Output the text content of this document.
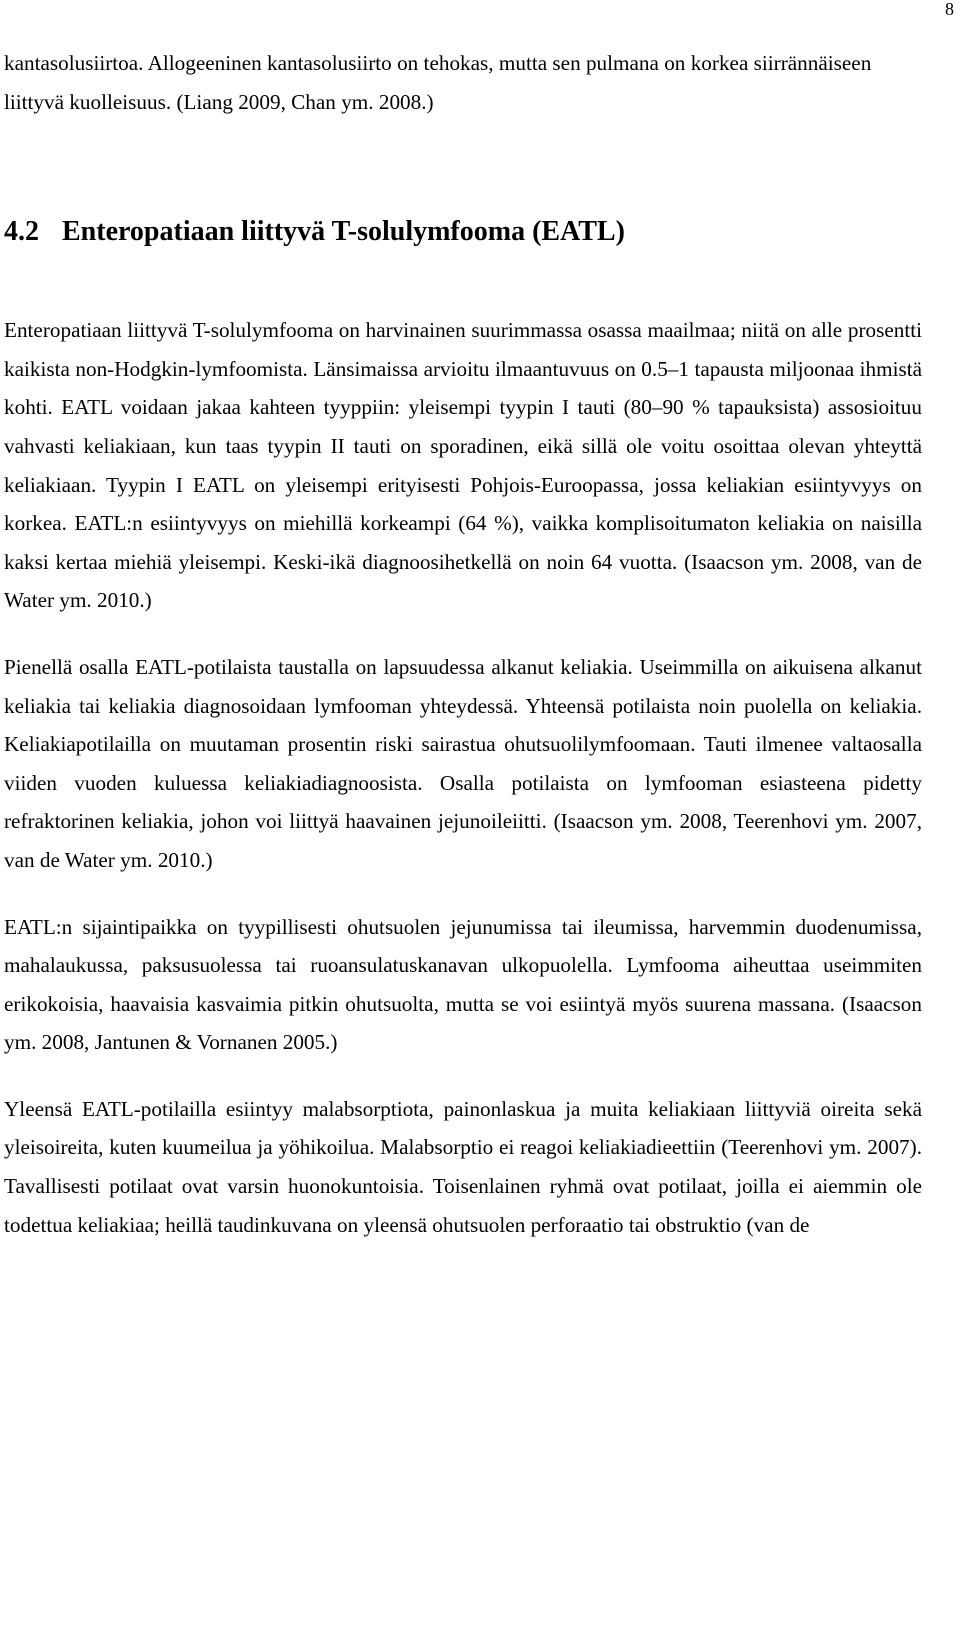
8

kantasolusiirtoa. Allogeeninen kantasolusiirto on tehokas, mutta sen pulmana on korkea siirrännäiseen liittyvä kuolleisuus. (Liang 2009, Chan ym. 2008.)

4.2 Enteropatiaan liittyvä T-solulymfooma (EATL)

Enteropatiaan liittyvä T-solulymfooma on harvinainen suurimmassa osassa maailmaa; niitä on alle prosentti kaikista non-Hodgkin-lymfoomista. Länsimaissa arvioitu ilmaantuvuus on 0.5–1 tapausta miljoonaa ihmistä kohti. EATL voidaan jakaa kahteen tyyppiin: yleisempi tyypin I tauti (80–90 % tapauksista) assosioituu vahvasti keliakiaan, kun taas tyypin II tauti on sporadinen, eikä sillä ole voitu osoittaa olevan yhteyttä keliakiaan. Tyypin I EATL on yleisempi erityisesti Pohjois-Euroopassa, jossa keliakian esiintyvyys on korkea. EATL:n esiintyvyys on miehillä korkeampi (64 %), vaikka komplisoitumaton keliakia on naisilla kaksi kertaa miehiä yleisempi. Keski-ikä diagnoosihetkellä on noin 64 vuotta. (Isaacson ym. 2008, van de Water ym. 2010.)

Pienellä osalla EATL-potilaista taustalla on lapsuudessa alkanut keliakia. Useimmilla on aikuisena alkanut keliakia tai keliakia diagnosoidaan lymfooman yhteydessä. Yhteensä potilaista noin puolella on keliakia. Keliakiapotilailla on muutaman prosentin riski sairastua ohutsuolilymfoomaan. Tauti ilmenee valtaosalla viiden vuoden kuluessa keliakiadiagnoosista. Osalla potilaista on lymfooman esiasteena pidetty refraktorinen keliakia, johon voi liittyä haavainen jejunoileiitti. (Isaacson ym. 2008, Teerenhovi ym. 2007, van de Water ym. 2010.)

EATL:n sijaintipaikka on tyypillisesti ohutsuolen jejunumissa tai ileumissa, harvemmin duodenumissa, mahalaukussa, paksusuolessa tai ruoansulatuskanavan ulkopuolella. Lymfooma aiheuttaa useimmiten erikokoisia, haavaisia kasvaimia pitkin ohutsuolta, mutta se voi esiintyä myös suurena massana. (Isaacson ym. 2008, Jantunen & Vornanen 2005.)

Yleensä EATL-potilailla esiintyy malabsorptiota, painonlaskua ja muita keliakiaan liittyviä oireita sekä yleisoireita, kuten kuumeilua ja yöhikoilua. Malabsorptio ei reagoi keliakiadieettiin (Teerenhovi ym. 2007). Tavallisesti potilaat ovat varsin huonokuntoisia. Toisenlainen ryhmä ovat potilaat, joilla ei aiemmin ole todettua keliakiaa; heillä taudinkuvana on yleensä ohutsuolen perforaatio tai obstruktio (van de
